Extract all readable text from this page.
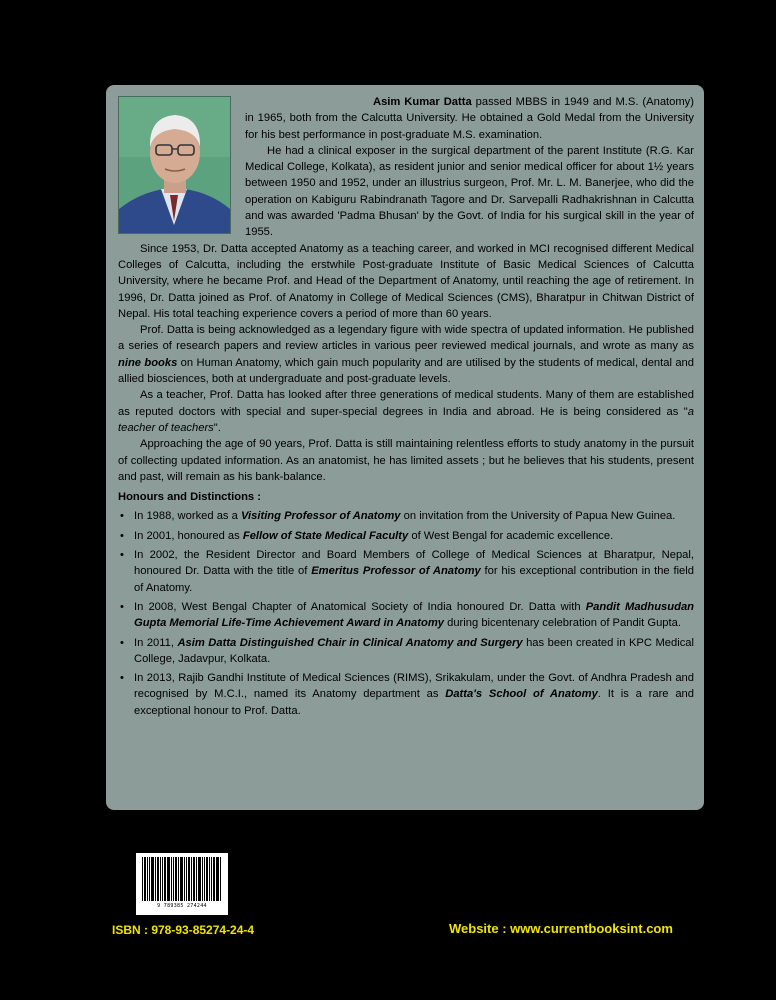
Asim Kumar Datta passed MBBS in 1949 and M.S. (Anatomy) in 1965, both from the Calcutta University. He obtained a Gold Medal from the University for his best performance in post-graduate M.S. examination.

He had a clinical exposer in the surgical department of the parent Institute (R.G. Kar Medical College, Kolkata), as resident junior and senior medical officer for about 1½ years between 1950 and 1952, under an illustrius surgeon, Prof. Mr. L. M. Banerjee, who did the operation on Kabiguru Rabindranath Tagore and Dr. Sarvepalli Radhakrishnan in Calcutta and was awarded 'Padma Bhusan' by the Govt. of India for his surgical skill in the year of 1955.

Since 1953, Dr. Datta accepted Anatomy as a teaching career, and worked in MCI recognised different Medical Colleges of Calcutta, including the erstwhile Post-graduate Institute of Basic Medical Sciences of Calcutta University, where he became Prof. and Head of the Department of Anatomy, until reaching the age of retirement. In 1996, Dr. Datta joined as Prof. of Anatomy in College of Medical Sciences (CMS), Bharatpur in Chitwan District of Nepal. His total teaching experience covers a period of more than 60 years.

Prof. Datta is being acknowledged as a legendary figure with wide spectra of updated information. He published a series of research papers and review articles in various peer reviewed medical journals, and wrote as many as nine books on Human Anatomy, which gain much popularity and are utilised by the students of medical, dental and allied biosciences, both at undergraduate and post-graduate levels.

As a teacher, Prof. Datta has looked after three generations of medical students. Many of them are established as reputed doctors with special and super-special degrees in India and abroad. He is being considered as "a teacher of teachers".

Approaching the age of 90 years, Prof. Datta is still maintaining relentless efforts to study anatomy in the pursuit of collecting updated information. As an anatomist, he has limited assets ; but he believes that his students, present and past, will remain as his bank-balance.

Honours and Distinctions :
• In 1988, worked as a Visiting Professor of Anatomy on invitation from the University of Papua New Guinea.
• In 2001, honoured as Fellow of State Medical Faculty of West Bengal for academic excellence.
• In 2002, the Resident Director and Board Members of College of Medical Sciences at Bharatpur, Nepal, honoured Dr. Datta with the title of Emeritus Professor of Anatomy for his exceptional contribution in the field of Anatomy.
• In 2008, West Bengal Chapter of Anatomical Society of India honoured Dr. Datta with Pandit Madhusudan Gupta Memorial Life-Time Achievement Award in Anatomy during bicentenary celebration of Pandit Gupta.
• In 2011, Asim Datta Distinguished Chair in Clinical Anatomy and Surgery has been created in KPC Medical College, Jadavpur, Kolkata.
• In 2013, Rajib Gandhi Institute of Medical Sciences (RIMS), Srikakulam, under the Govt. of Andhra Pradesh and recognised by M.C.I., named its Anatomy department as Datta's School of Anatomy. It is a rare and exceptional honour to Prof. Datta.
9 789385 274244
ISBN : 978-93-85274-24-4	Website : www.currentbooksint.com
